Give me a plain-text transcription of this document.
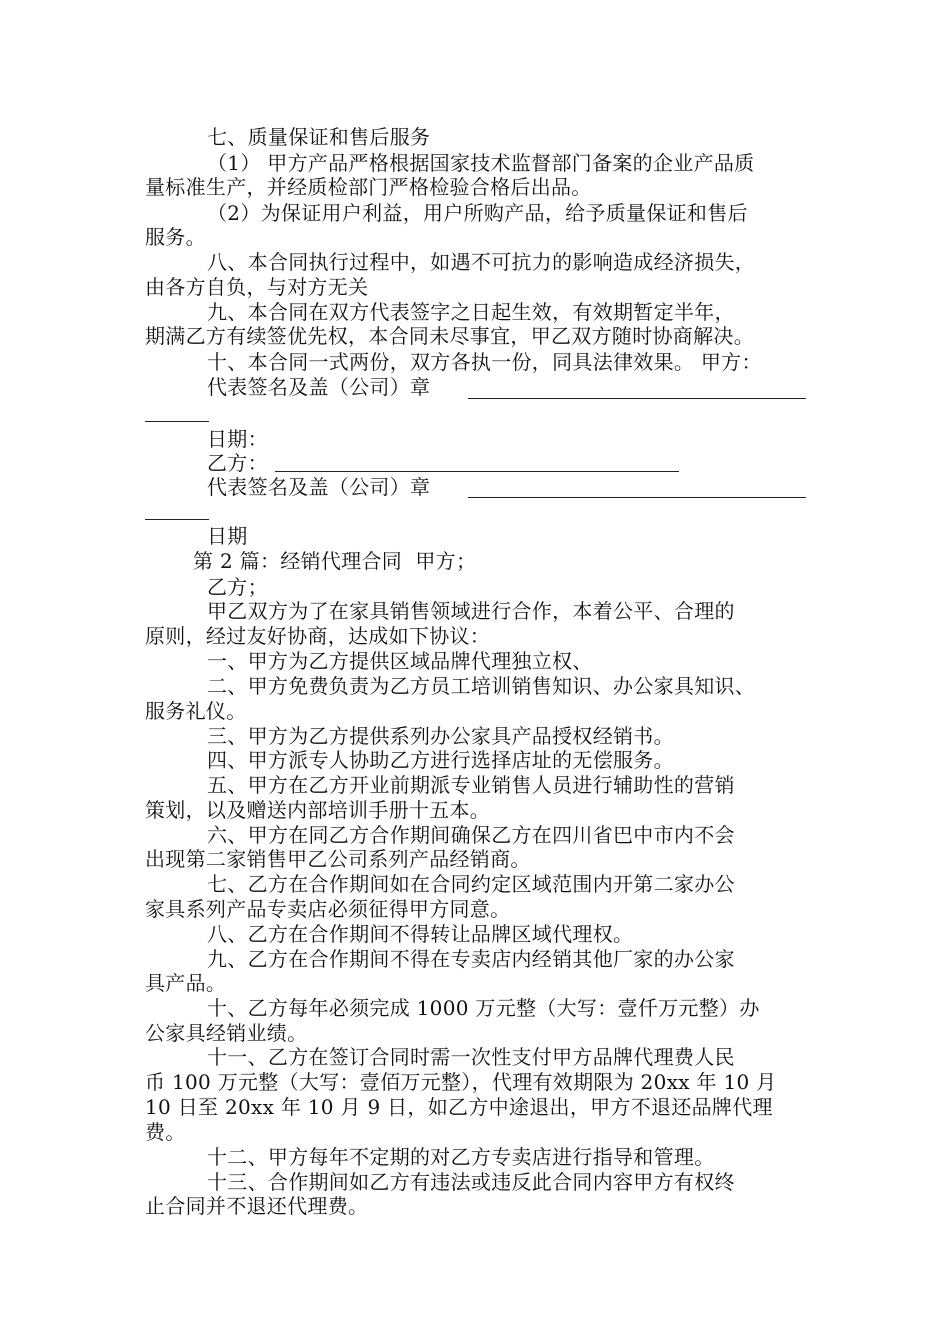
七、质量保证和售后服务
（1） 甲方产品严格根据国家技术监督部门备案的企业产品质
量标准生产，并经质检部门严格检验合格后出品。
（2）为保证用户利益，用户所购产品，给予质量保证和售后
服务。
八、本合同执行过程中，如遇不可抗力的影响造成经济损失，
由各方自负，与对方无关
九、本合同在双方代表签字之日起生效，有效期暂定半年，
期满乙方有续签优先权，本合同未尽事宜，甲乙双方随时协商解决。
十、本合同一式两份，双方各执一份，同具法律效果。 甲方：
代表签名及盖（公司）章
日期：
乙方：
代表签名及盖（公司）章
日期
第 2 篇：经销代理合同  甲方；
乙方；
甲乙双方为了在家具销售领域进行合作，本着公平、合理的
原则，经过友好协商，达成如下协议：
一、甲方为乙方提供区域品牌代理独立权、
二、甲方免费负责为乙方员工培训销售知识、办公家具知识、
服务礼仪。
三、甲方为乙方提供系列办公家具产品授权经销书。
四、甲方派专人协助乙方进行选择店址的无偿服务。
五、甲方在乙方开业前期派专业销售人员进行辅助性的营销
策划，以及赠送内部培训手册十五本。
六、甲方在同乙方合作期间确保乙方在四川省巴中市内不会
出现第二家销售甲乙公司系列产品经销商。
七、乙方在合作期间如在合同约定区域范围内开第二家办公
家具系列产品专卖店必须征得甲方同意。
八、乙方在合作期间不得转让品牌区域代理权。
九、乙方在合作期间不得在专卖店内经销其他厂家的办公家
具产品。
十、乙方每年必须完成 1000 万元整（大写：壹仟万元整）办
公家具经销业绩。
十一、乙方在签订合同时需一次性支付甲方品牌代理费人民
币 100 万元整（大写：壹佰万元整），代理有效期限为 20xx 年 10 月
10 日至 20xx 年 10 月 9 日，如乙方中途退出，甲方不退还品牌代理
费。
十二、甲方每年不定期的对乙方专卖店进行指导和管理。
十三、合作期间如乙方有违法或违反此合同内容甲方有权终
止合同并不退还代理费。
